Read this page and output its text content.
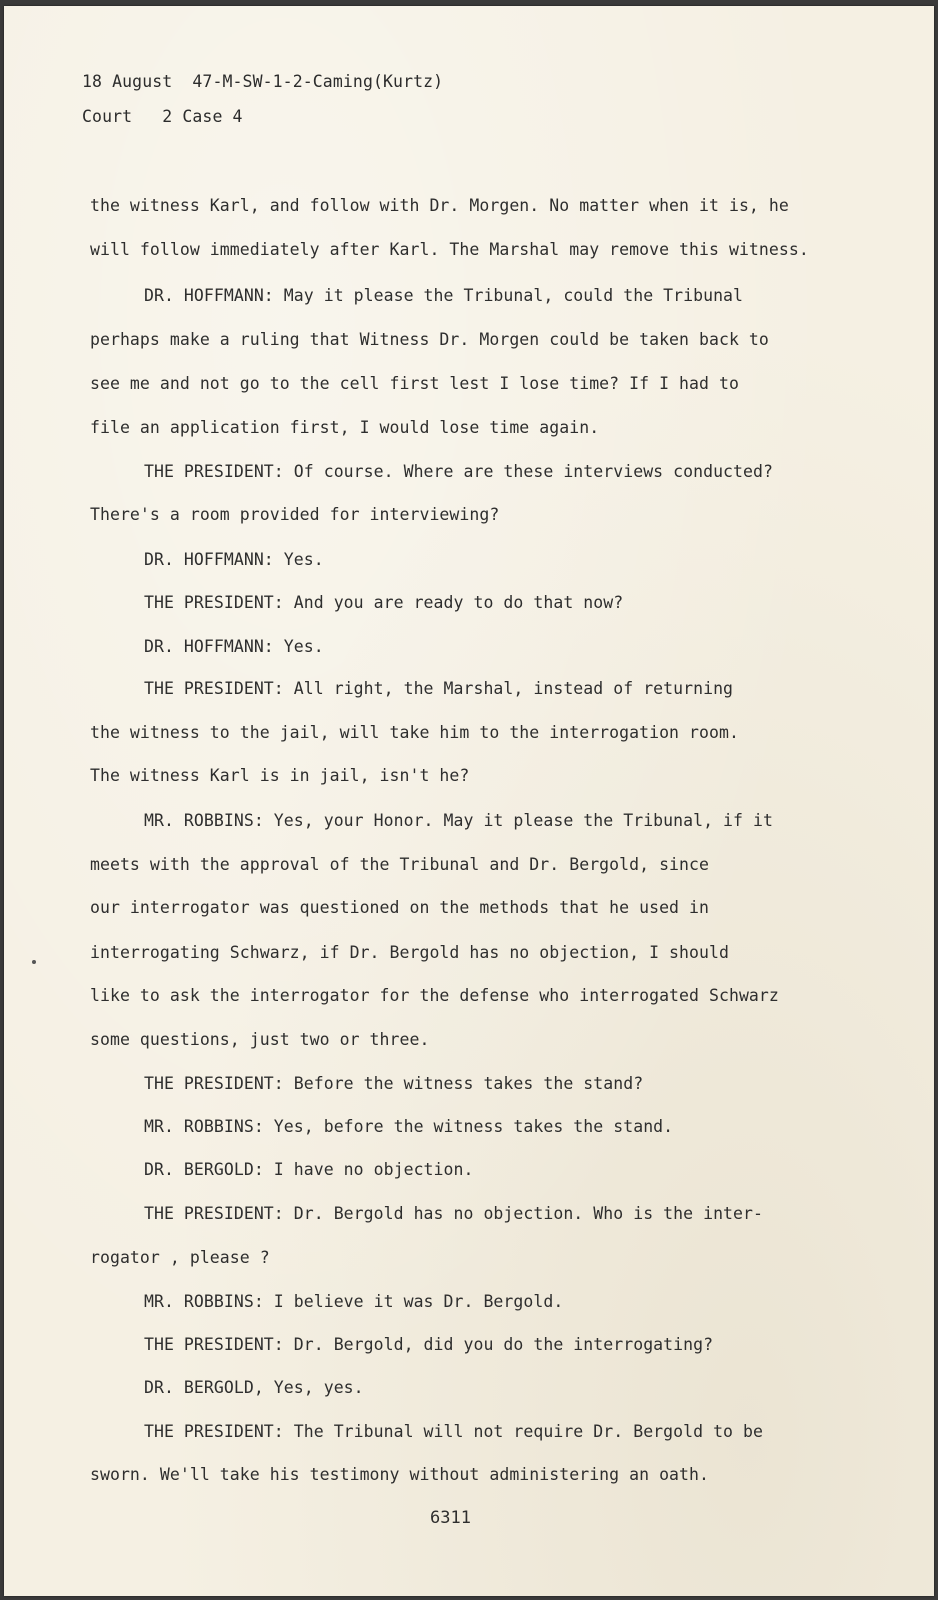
18 August  47-M-SW-1-2-Caming(Kurtz)
Court   2 Case 4
the witness Karl, and follow with Dr. Morgen. No matter when it is, he
will follow immediately after Karl. The Marshal may remove this witness.
DR. HOFFMANN: May it please the Tribunal, could the Tribunal
perhaps make a ruling that Witness Dr. Morgen could be taken back to
see me and not go to the cell first lest I lose time? If I had to
file an application first, I would lose time again.
THE PRESIDENT: Of course. Where are these interviews conducted?
There's a room provided for interviewing?
DR. HOFFMANN: Yes.
THE PRESIDENT: And you are ready to do that now?
DR. HOFFMANN: Yes.
THE PRESIDENT: All right, the Marshal, instead of returning
the witness to the jail, will take him to the interrogation room.
The witness Karl is in jail, isn't he?
MR. ROBBINS: Yes, your Honor. May it please the Tribunal, if it
meets with the approval of the Tribunal and Dr. Bergold, since
our interrogator was questioned on the methods that he used in
interrogating Schwarz, if Dr. Bergold has no objection, I should
like to ask the interrogator for the defense who interrogated Schwarz
some questions, just two or three.
THE PRESIDENT: Before the witness takes the stand?
MR. ROBBINS: Yes, before the witness takes the stand.
DR. BERGOLD: I have no objection.
THE PRESIDENT: Dr. Bergold has no objection. Who is the inter-
rogator , please ?
MR. ROBBINS: I believe it was Dr. Bergold.
THE PRESIDENT: Dr. Bergold, did you do the interrogating?
DR. BERGOLD, Yes, yes.
THE PRESIDENT: The Tribunal will not require Dr. Bergold to be
sworn. We'll take his testimony without administering an oath.
6311
